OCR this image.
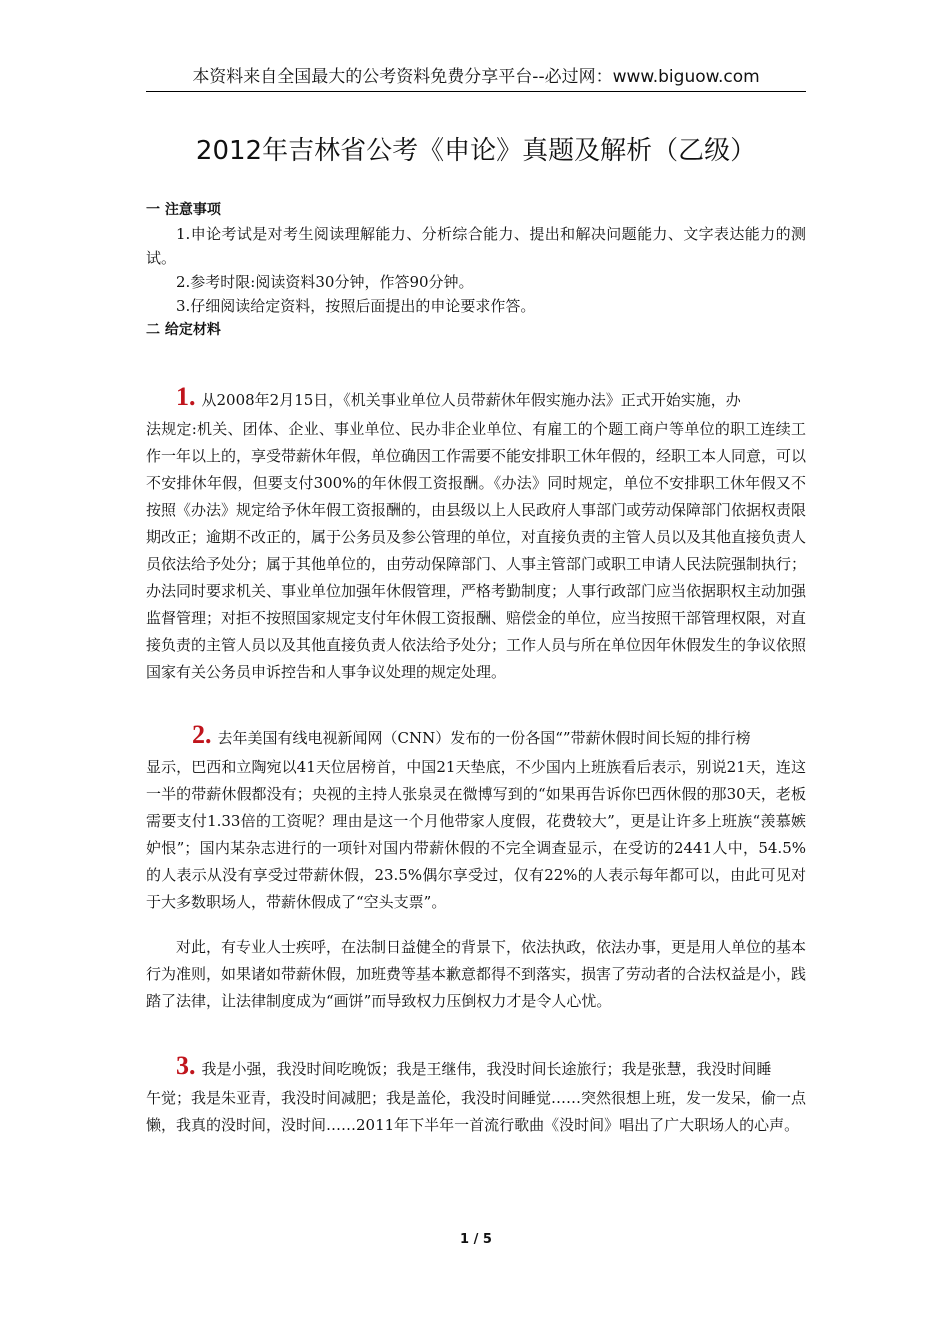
本资料来自全国最大的公考资料免费分享平台--必过网：www.biguow.com
2012年吉林省公考《申论》真题及解析（乙级）

一 注意事项

1.申论考试是对考生阅读理解能力、分析综合能力、提出和解决问题能力、文字表达能力的测试。

2.参考时限:阅读资料30分钟，作答90分钟。

3.仔细阅读给定资料，按照后面提出的申论要求作答。

二 给定材料

1. 从2008年2月15日，《机关事业单位人员带薪休年假实施办法》正式开始实施，办

法规定:机关、团体、企业、事业单位、民办非企业单位、有雇工的个题工商户等单位的职工连续工作一年以上的，享受带薪休年假，单位确因工作需要不能安排职工休年假的，经职工本人同意，可以不安排休年假，但要支付300%的年休假工资报酬。《办法》同时规定，单位不安排职工休年假又不按照《办法》规定给予休年假工资报酬的，由县级以上人民政府人事部门或劳动保障部门依据权责限期改正；逾期不改正的，属于公务员及参公管理的单位，对直接负责的主管人员以及其他直接负责人员依法给予处分；属于其他单位的，由劳动保障部门、人事主管部门或职工申请人民法院强制执行；办法同时要求机关、事业单位加强年休假管理，严格考勤制度；人事行政部门应当依据职权主动加强监督管理；对拒不按照国家规定支付年休假工资报酬、赔偿金的单位，应当按照干部管理权限，对直接负责的主管人员以及其他直接负责人依法给予处分；工作人员与所在单位因年休假发生的争议依照国家有关公务员申诉控告和人事争议处理的规定处理。

2. 去年美国有线电视新闻网（CNN）发布的一份各国“”带薪休假时间长短的排行榜

显示，巴西和立陶宛以41天位居榜首，中国21天垫底，不少国内上班族看后表示，别说21天，连这一半的带薪休假都没有；央视的主持人张泉灵在微博写到的“如果再告诉你巴西休假的那30天，老板需要支付1.33倍的工资呢？理由是这一个月他带家人度假，花费较大”，更是让许多上班族“羡慕嫉妒恨”；国内某杂志进行的一项针对国内带薪休假的不完全调查显示，在受访的2441人中，54.5%的人表示从没有享受过带薪休假，23.5%偶尔享受过，仅有22%的人表示每年都可以，由此可见对于大多数职场人，带薪休假成了“空头支票”。

对此，有专业人士疾呼，在法制日益健全的背景下，依法执政，依法办事，更是用人单位的基本行为准则，如果诸如带薪休假，加班费等基本歉意都得不到落实，损害了劳动者的合法权益是小，践踏了法律，让法律制度成为“画饼”而导致权力压倒权力才是令人心忧。

3. 我是小强，我没时间吃晚饭；我是王继伟，我没时间长途旅行；我是张慧，我没时间睡

午觉；我是朱亚青，我没时间减肥；我是盖伦，我没时间睡觉……突然很想上班，发一发呆，偷一点懒，我真的没时间，没时间……2011年下半年一首流行歌曲《没时间》唱出了广大职场人的心声。

1 / 5
